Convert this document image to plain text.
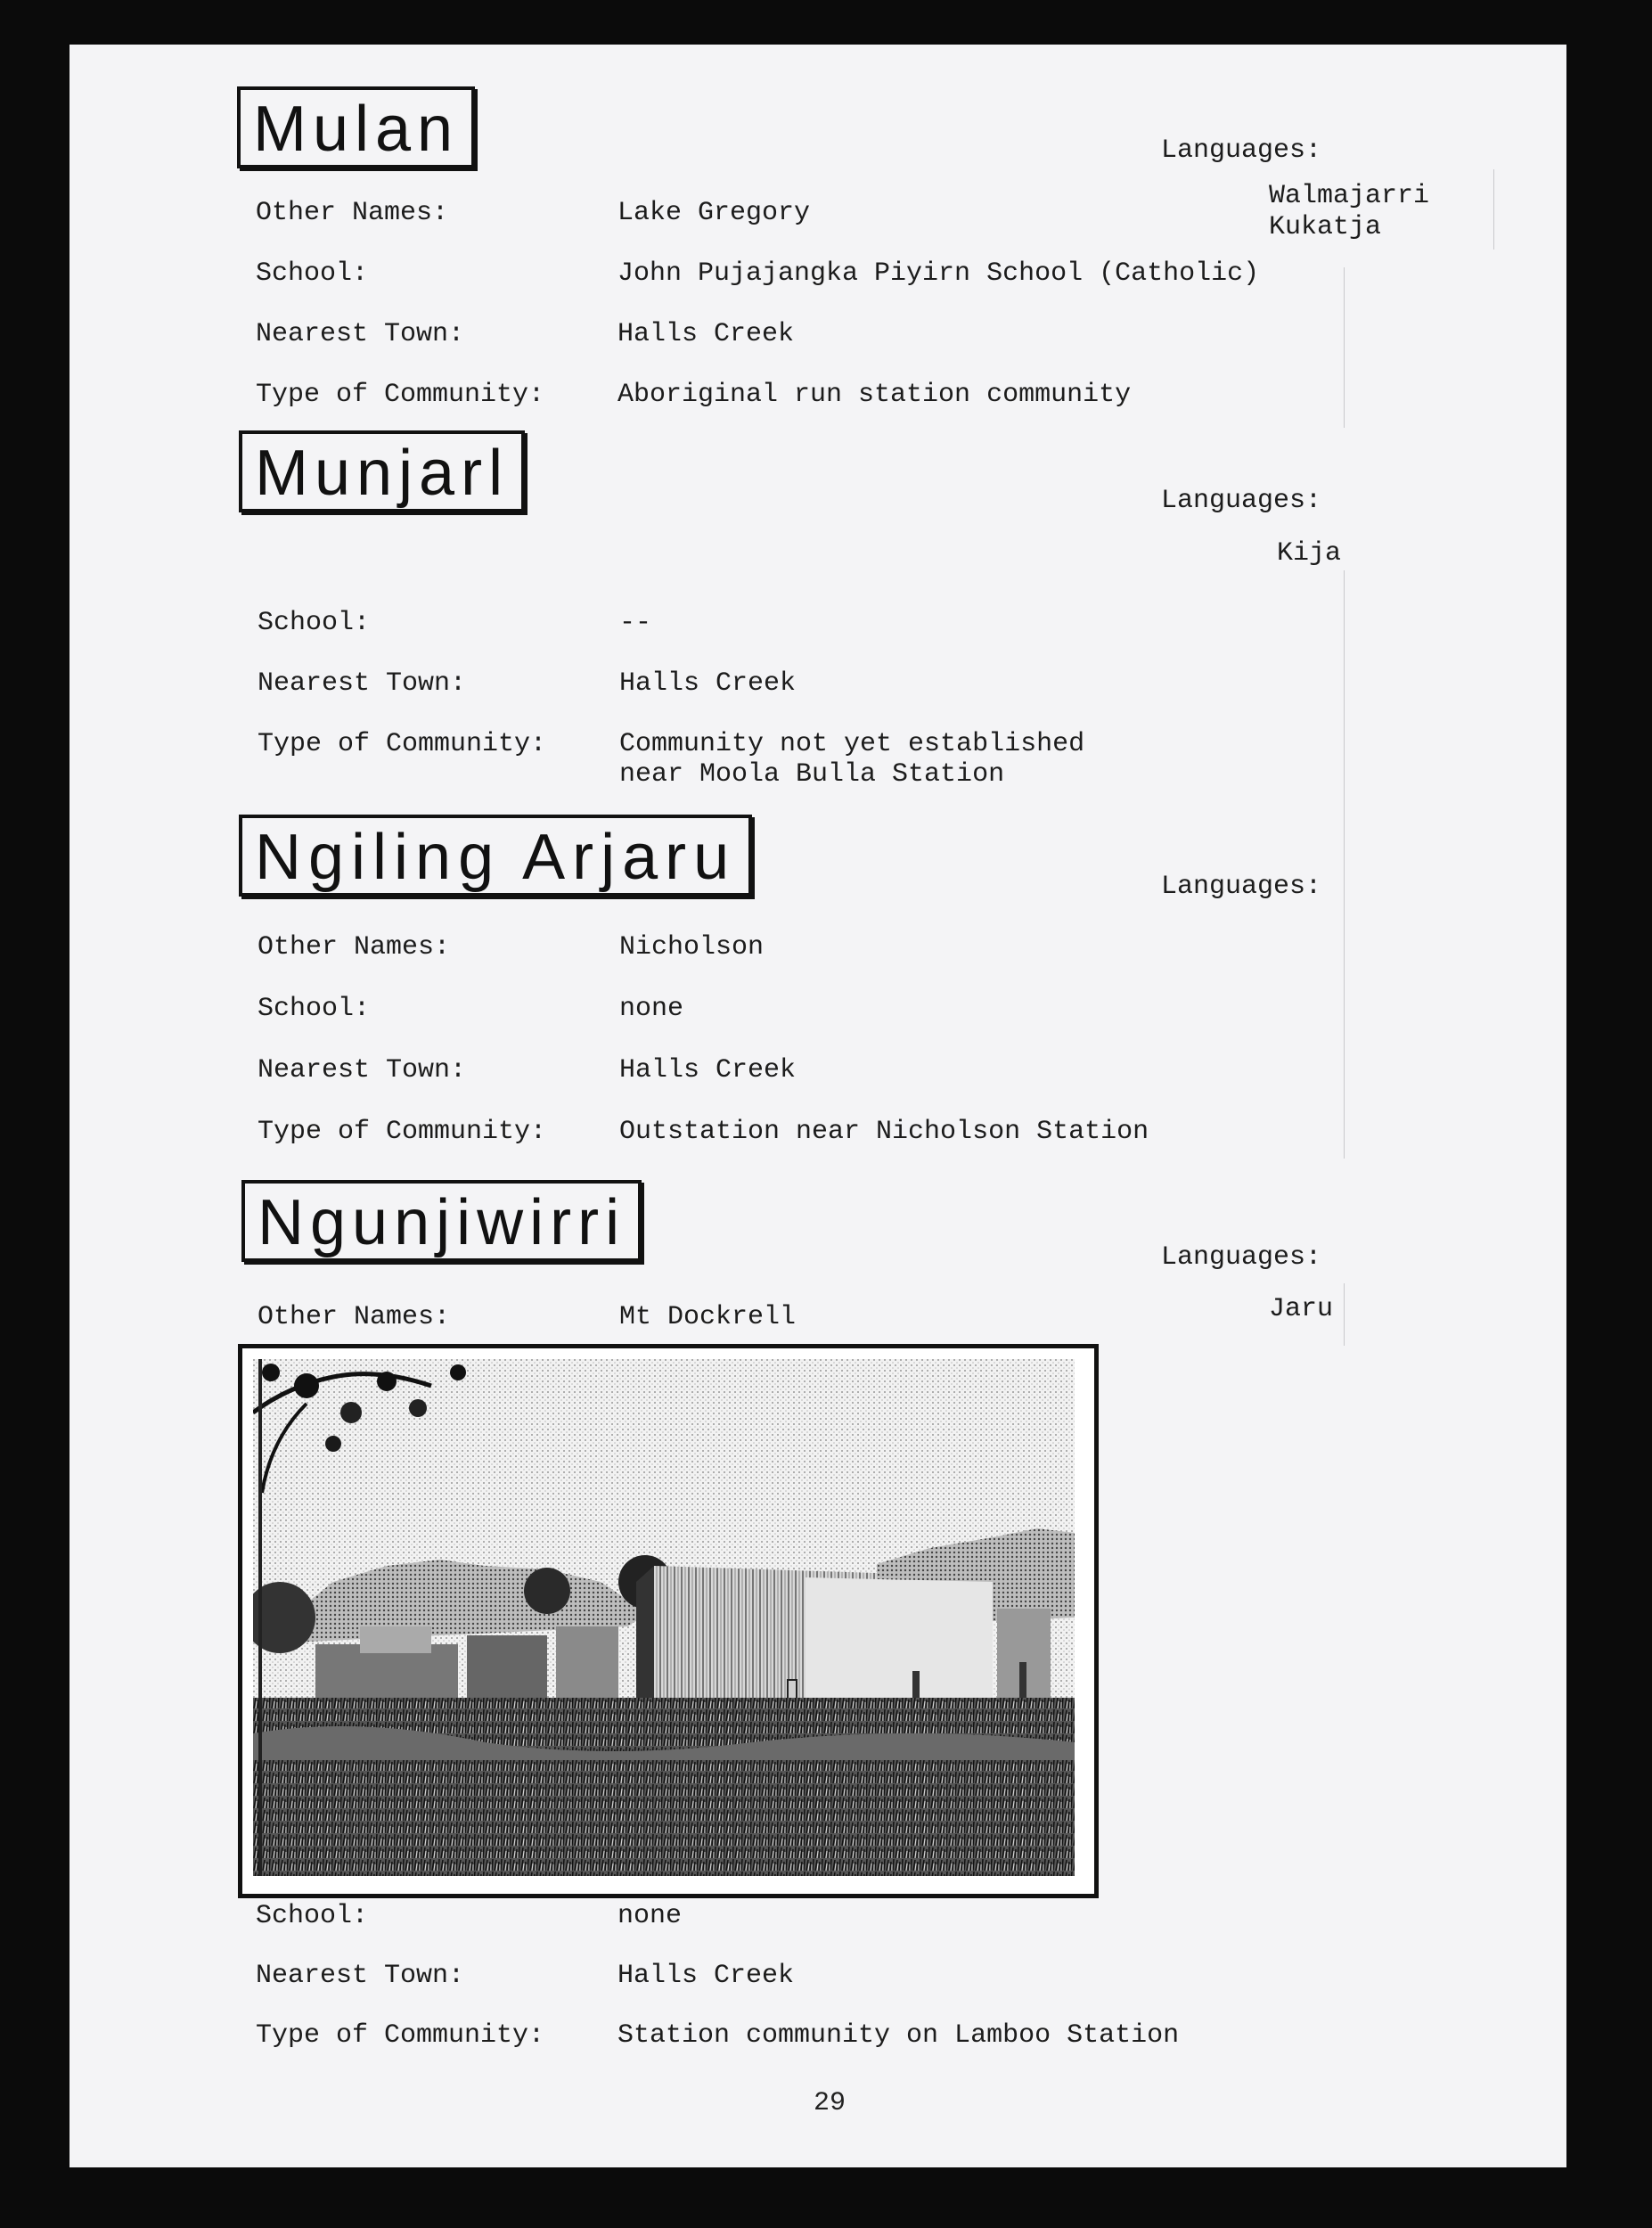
Mulan	Languages:
Walmajarri
Kukatja
Other Names:	Lake Gregory
School:	John Pujajangka Piyirn School (Catholic)
Nearest Town:	Halls Creek
Type of Community:	Aboriginal run station community
Munjarl	Languages:
Kija
School:	--
Nearest Town:	Halls Creek
Type of Community:	Community not yet established
near Moola Bulla Station
Ngiling Arjaru	Languages:
Other Names:	Nicholson
School:	none
Nearest Town:	Halls Creek
Type of Community:	Outstation near Nicholson Station
Ngunjiwirri	Languages:
Jaru
Other Names:	Mt Dockrell
School:	none
Nearest Town:	Halls Creek
Type of Community:	Station community on Lamboo Station
29
